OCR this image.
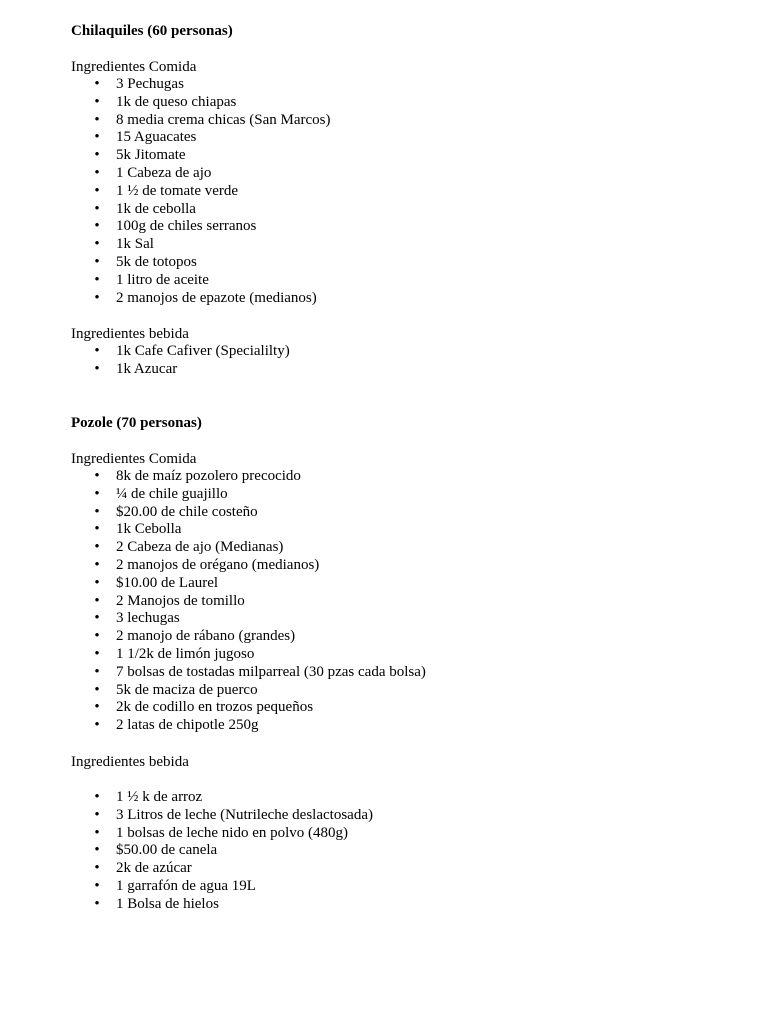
Chilaquiles (60 personas)

Ingredientes Comida

• 3 Pechugas
• 1k de queso chiapas
• 8 media crema chicas (San Marcos)
• 15 Aguacates
• 5k Jitomate
• 1 Cabeza de ajo
• 1 ½ de tomate verde
• 1k de cebolla
• 100g de chiles serranos
• 1k Sal
• 5k de totopos
• 1 litro de aceite
• 2 manojos de epazote (medianos)

Ingredientes bebida

• 1k Cafe Cafiver (Specialilty)
• 1k Azucar

Pozole (70 personas)

Ingredientes Comida

• 8k de maíz pozolero precocido
• ¼ de chile guajillo
• $20.00 de chile costeño
• 1k Cebolla
• 2 Cabeza de ajo (Medianas)
• 2 manojos de orégano (medianos)
• $10.00 de Laurel
• 2 Manojos de tomillo
• 3 lechugas
• 2 manojo de rábano (grandes)
• 1 1/2k de limón jugoso
• 7 bolsas de tostadas milparreal (30 pzas cada bolsa)
• 5k de maciza de puerco
• 2k de codillo en trozos pequeños
• 2 latas de chipotle 250g

Ingredientes bebida

• 1 ½ k de arroz
• 3 Litros de leche (Nutrileche deslactosada)
• 1 bolsas de leche nido en polvo (480g)
• $50.00 de canela
• 2k de azúcar
• 1 garrafón de agua 19L
• 1 Bolsa de hielos
